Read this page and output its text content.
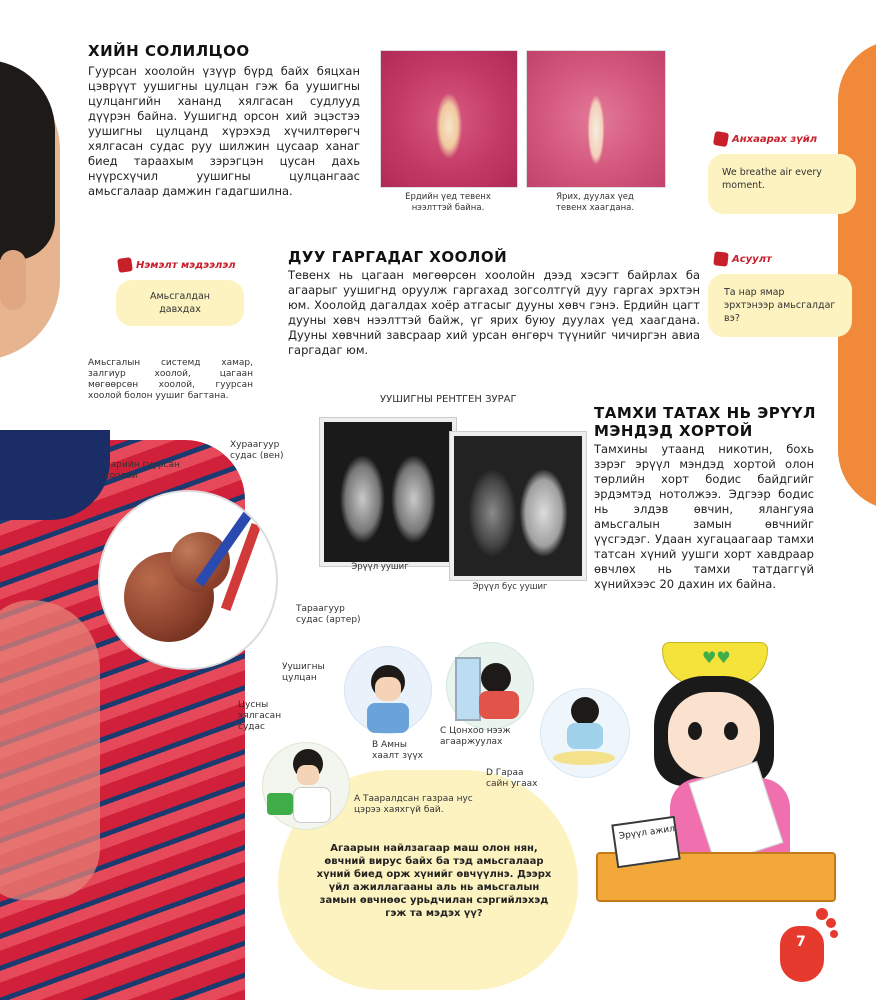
ХИЙН СОЛИЛЦОО
Гуурсан хоолойн үзүүр бүрд байх бяцхан цэврүүт уушигны цулцан гэж ба уушигны цулцангийн хананд хялгасан судлууд дүүрэн байна. Уушигнд орсон хий эцэстээ уушигны цулцанд хүрэхэд хүчилтөрөгч хялгасан судас руу шилжин цусаар ханаг биед тараахым зэрэгцэн цусан дахь нүүрсхүчил уушигны цулцангаас амьсгалаар дамжин гадагшилна.	Ердийн үед тевенх нээлттэй байна.
Ярих, дуулах үед тевенх хаагдана.
Анхаарах зүйл
We breathe air every moment.
Нэмэлт мэдээлэл
Амьсгалдан давхдах
Амьсгалын системд хамар, залгиур хоолой, цагаан мөгөөрсөн хоолой, гуурсан хоолой болон уушиг багтана.
ДУУ ГАРГАДАГ ХООЛОЙ
Тевенх нь цагаан мөгөөрсөн хоолойн дээд хэсэгт байрлах ба агаарыг уушигнд оруулж гаргахад зогсолтгүй дуу гаргах эрхтэн юм. Хоолойд дагалдах хоёр атгасыг дууны хөвч гэнэ. Ердийн цагт дууны хөвч нээлттэй байж, үг ярих буюу дуулах үед хаагдана. Дууны хөвчний завсраар хий урсан өнгөрч түүнийг чичиргэн авиа гаргадаг юм.
Асуулт
Та нар ямар эрхтэнээр амьсгалдаг вэ?
УУШИГНЫ РЕНТГЕН ЗУРАГ
Эрүүл уушиг
Эрүүл бус уушиг
ТАМХИ ТАТАХ НЬ ЭРҮҮЛ МЭНДЭД ХОРТОЙ
Тамхины утаанд никотин, бохь зэрэг эрүүл мэндэд хортой олон төрлийн хорт бодис байдгийг эрдэмтэд нотолжээ. Эдгээр бодис нь элдэв өвчин, ялангуяа амьсгалын замын өвчнийг үүсгэдэг. Удаан хугацаагаар тамхи татсан хүний уушги хорт хавдраар өвчлөх нь тамхи татдаггүй хүнийхээс 20 дахин их байна.
Нарийн гуурсан хоолой
Хураагуур судас (вен)
Тараагуур судас (артер)
Уушигны цулцан
Цусны хялгасан судас
Агаарын найлзагаар маш олон нян, өвчний вирус байх ба тэд амьсгалаар хүний биед орж хүнийг өвчүүлнэ. Дээрх үйл ажиллагааны аль нь амьсгалын замын өвчнөөс урьдчилан сэргийлэхэд гэж та мэдэх үү?
B Амны хаалт зүүх
C Цонхоо нээж агааржуулах
D Гараа сайн угаах
А Тааралдсан газраа нус цэрээ хаяхгүй бай.
♥♥
Эрүүл ажил
7
